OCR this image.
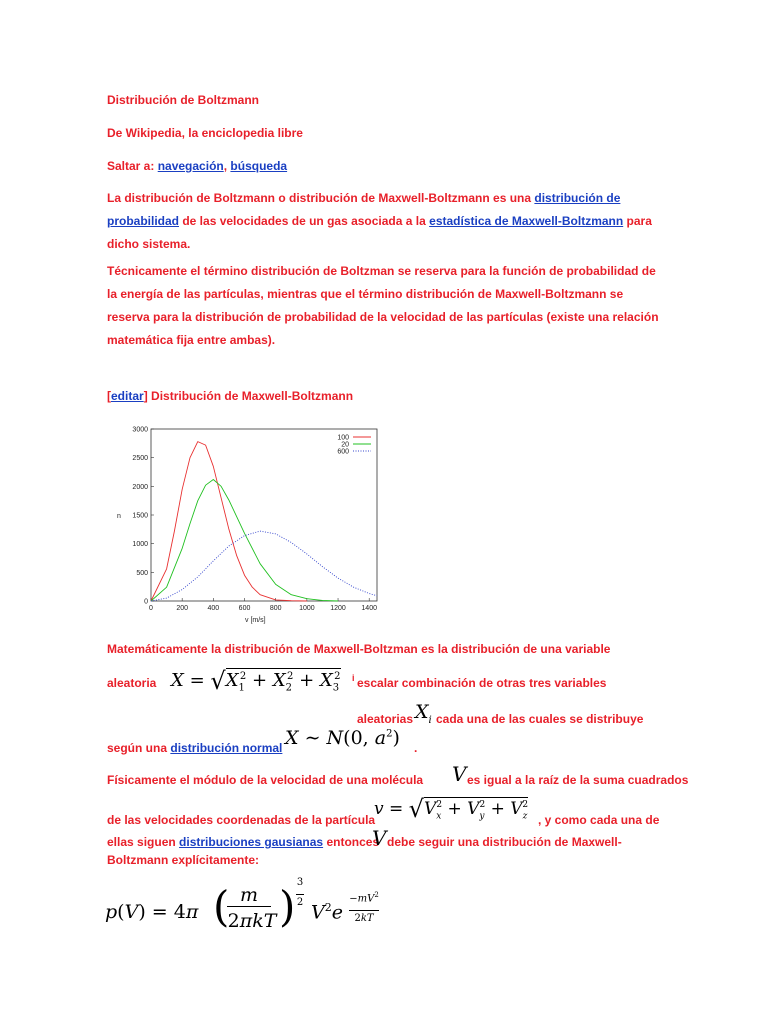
Distribución de Boltzmann
De Wikipedia, la enciclopedia libre
Saltar a: navegación, búsqueda
La distribución de Boltzmann o distribución de Maxwell-Boltzmann es una distribución de probabilidad de las velocidades de un gas asociada a la estadística de Maxwell-Boltzmann para dicho sistema.
Técnicamente el término distribución de Boltzman se reserva para la función de probabilidad de la energía de las partículas, mientras que el término distribución de Maxwell-Boltzmann se reserva para la distribución de probabilidad de la velocidad de las partículas (existe una relación matemática fija entre ambas).
[editar] Distribución de Maxwell-Boltzmann
0
500
1000
1500
2000
2500
3000
0	200	400	600	800	1000 1200 1400
100
20
600
n
v [m/s]
Matemáticamente la distribución de Maxwell-Boltzman es la distribución de una variable
aleatoria $X = √X_1^2 + X_2^2 + X_3^2$ i escalar combinación de otras tres variables
aleatorias $X_i$ cada una de las cuales se distribuye
según una distribución normal X ∼ N(0, $a^2$) .
Físicamente el módulo de la velocidad de una molécula V es igual a la raíz de la suma cuadrados
de las velocidades coordenadas de la partícula
$v = √V_x^2 + V_y^2 + V_z^2$
, y como cada una de
ellas siguen distribuciones gausianas entonces
V debe seguir una distribución de Maxwell-
Boltzmann explícitamente:
p(V) = 4π ( m
2πkT ) 3

2 $V^2e$
$-mV^2$

2kT
